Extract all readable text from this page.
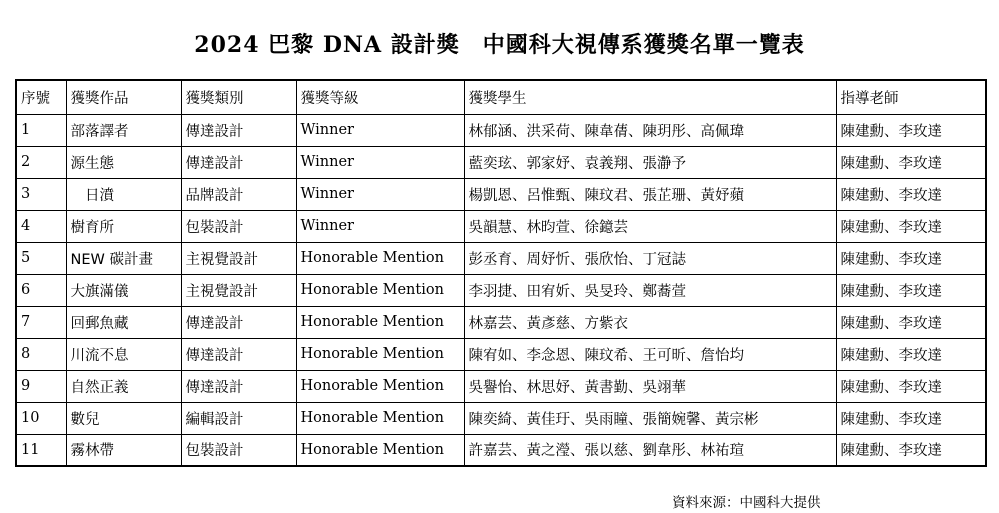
2024 巴黎 DNA 設計獎　中國科大視傳系獲獎名單一覽表
序號	獲獎作品	獲獎類別	獲獎等級	獲獎學生	指導老師
1	部落譯者	傳達設計	Winner	林郁涵、洪采荷、陳韋蒨、陳玥彤、高佩瑋	陳建勳、李玫達
2	源生態	傳達設計	Winner	藍奕玹、郭家妤、袁義翔、張瀞予	陳建勳、李玫達
3	　日濆	品牌設計	Winner	楊凱恩、呂惟甄、陳玟君、張芷珊、黃妤蘋	陳建勳、李玫達
4	樹育所	包裝設計	Winner	吳韻慧、林昀萱、徐鐿芸	陳建勳、李玫達
5	NEW 碳計畫	主視覺設計	Honorable Mention	彭丞育、周妤忻、張欣怡、丁冠誌	陳建勳、李玫達
6	大旗滿儀	主視覺設計	Honorable Mention	李羽捷、田宥妡、吳旻玲、鄭蕎萱	陳建勳、李玫達
7	回郵魚藏	傳達設計	Honorable Mention	林嘉芸、黃彥慈、方紫衣	陳建勳、李玫達
8	川流不息	傳達設計	Honorable Mention	陳宥如、李念恩、陳玟希、王可昕、詹怡均	陳建勳、李玫達
9	自然正義	傳達設計	Honorable Mention	吳譽怡、林思妤、黃書勤、吳翊華	陳建勳、李玫達
10	數兒	編輯設計	Honorable Mention	陳奕綺、黃佳玗、吳雨瞳、張簡婉馨、黃宗彬	陳建勳、李玫達
11	霧林帶	包裝設計	Honorable Mention	許嘉芸、黃之瀅、張以慈、劉韋彤、林祐瑄	陳建勳、李玫達
資料來源：中國科大提供
